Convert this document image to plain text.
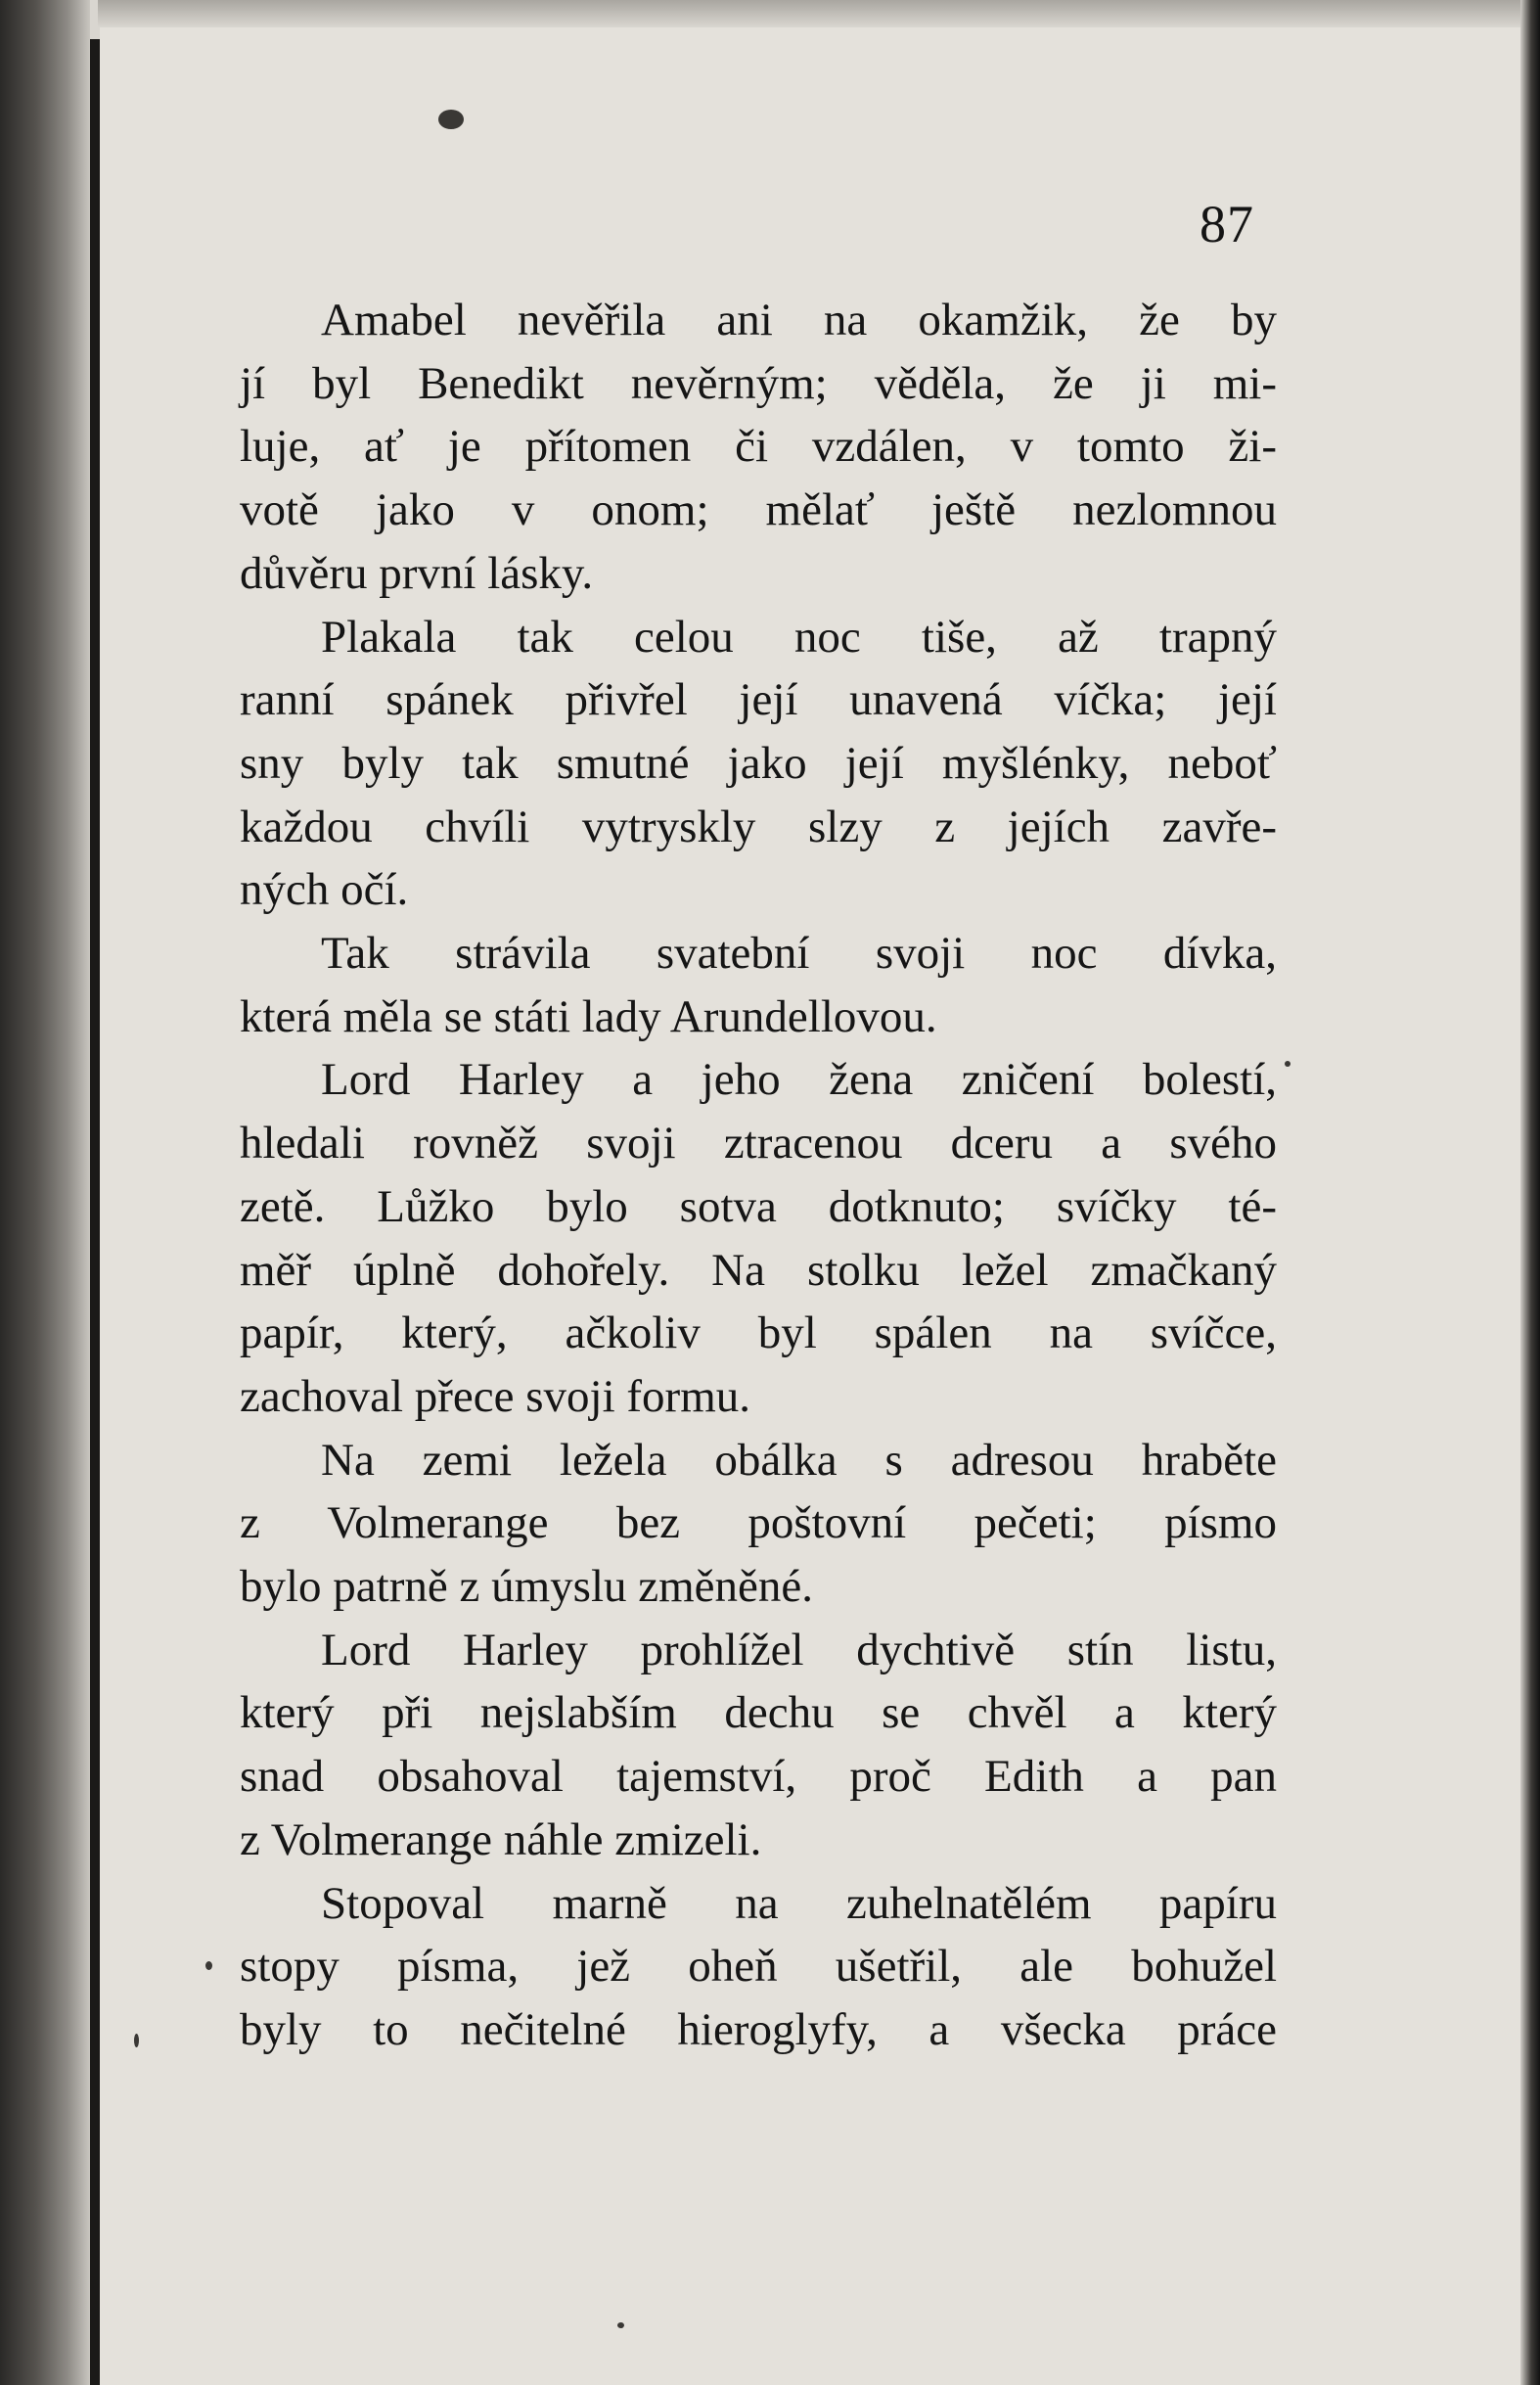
87
Amabel nevěřila ani na okamžik, že by
jí byl Benedikt nevěrným; věděla, že ji mi-
luje, ať je přítomen či vzdálen, v tomto ži-
votě jako v onom; mělať ještě nezlomnou
důvěru první lásky.
Plakala tak celou noc tiše, až trapný
ranní spánek přivřel její unavená víčka; její
sny byly tak smutné jako její myšlénky, neboť
každou chvíli vytryskly slzy z jejích zavře-
ných očí.
Tak strávila svatební svoji noc dívka,
která měla se státi lady Arundellovou.
Lord Harley a jeho žena zničení bolestí,
hledali rovněž svoji ztracenou dceru a svého
zetě. Lůžko bylo sotva dotknuto; svíčky té-
měř úplně dohořely. Na stolku ležel zmačkaný
papír, který, ačkoliv byl spálen na svíčce,
zachoval přece svoji formu.
Na zemi ležela obálka s adresou hraběte
z Volmerange bez poštovní pečeti; písmo
bylo patrně z úmyslu změněné.
Lord Harley prohlížel dychtivě stín listu,
který při nejslabším dechu se chvěl a který
snad obsahoval tajemství, proč Edith a pan
z Volmerange náhle zmizeli.
Stopoval marně na zuhelnatělém papíru
stopy písma, jež oheň ušetřil, ale bohužel
byly to nečitelné hieroglyfy, a všecka práce
